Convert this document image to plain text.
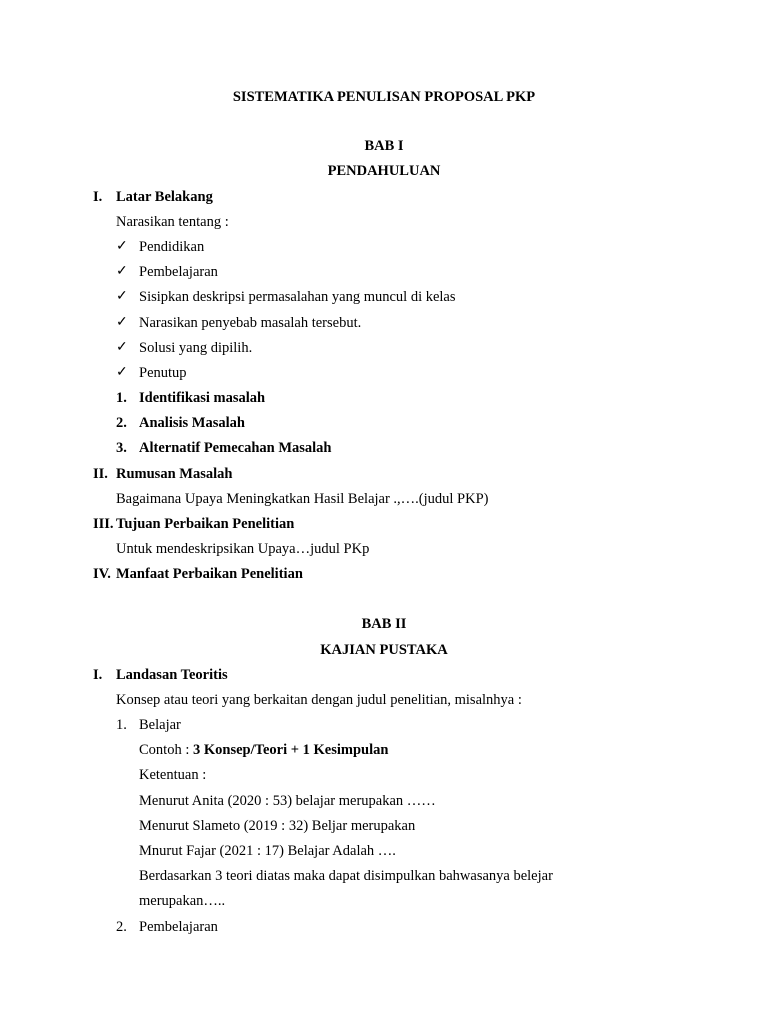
SISTEMATIKA PENULISAN PROPOSAL PKP
BAB I
PENDAHULUAN
I. Latar Belakang
Narasikan tentang :
✓ Pendidikan
✓ Pembelajaran
✓ Sisipkan deskripsi permasalahan yang muncul di kelas
✓ Narasikan penyebab masalah tersebut.
✓ Solusi yang dipilih.
✓ Penutup
1. Identifikasi masalah
2. Analisis Masalah
3. Alternatif Pemecahan Masalah
II. Rumusan Masalah
Bagaimana Upaya Meningkatkan Hasil Belajar .,….(judul PKP)
III. Tujuan Perbaikan Penelitian
Untuk mendeskripsikan Upaya…judul PKp
IV. Manfaat Perbaikan Penelitian
BAB II
KAJIAN PUSTAKA
I. Landasan Teoritis
Konsep atau teori yang berkaitan dengan judul penelitian, misalnhya :
1. Belajar
Contoh : 3 Konsep/Teori + 1 Kesimpulan
Ketentuan :
Menurut Anita (2020 : 53) belajar merupakan ……
Menurut Slameto (2019 : 32) Beljar merupakan
Mnurut Fajar (2021 : 17) Belajar Adalah ….
Berdasarkan 3 teori diatas maka dapat disimpulkan bahwasanya belejar
merupakan…..
2. Pembelajaran
